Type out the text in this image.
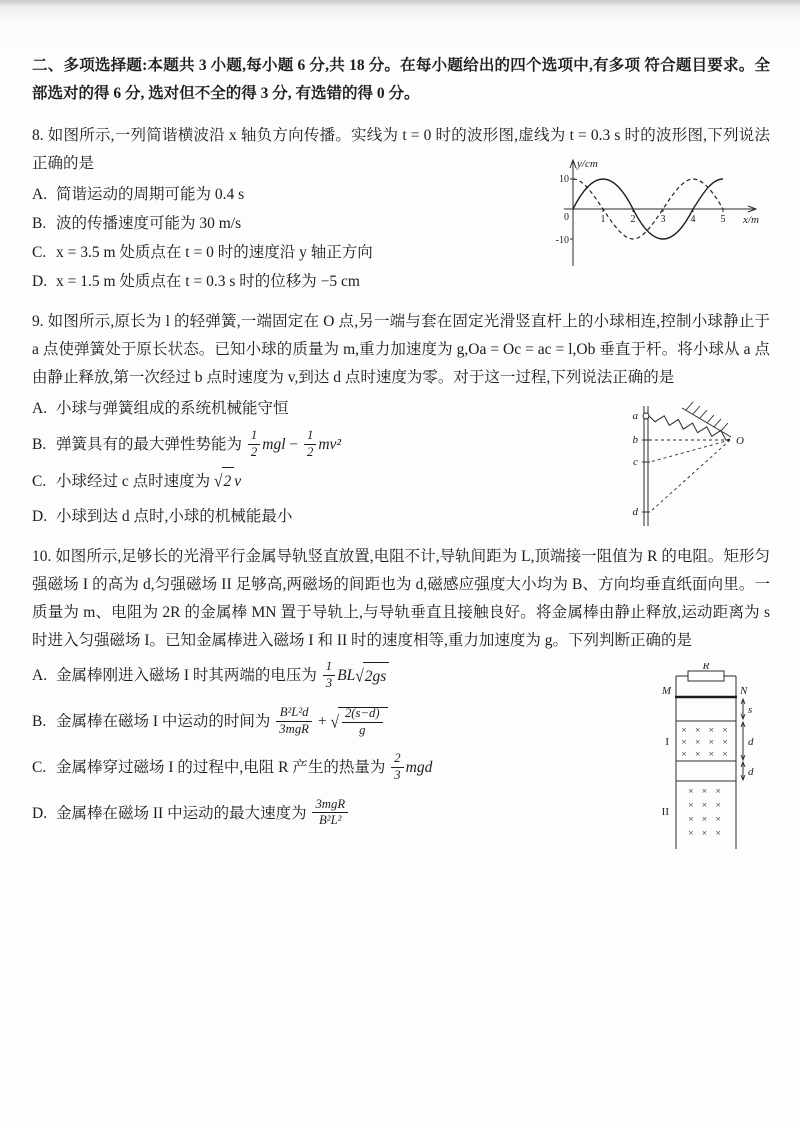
二、多项选择题:本题共 3 小题,每小题 6 分,共 18 分。在每小题给出的四个选项中,有多项 符合题目要求。全部选对的得 6 分, 选对但不全的得 3 分, 有选错的得 0 分。

y/cm
x/m
10
0
-10
1	2	3	4	5

8. 如图所示,一列简谐横波沿 x 轴负方向传播。实线为 t = 0 时的波形图,虚线为 t = 0.3 s 时的波形图,下列说法正确的是

A. 简谐运动的周期可能为 0.4 s
B. 波的传播速度可能为 30 m/s
C. x = 3.5 m 处质点在 t = 0 时的速度沿 y 轴正方向
D. x = 1.5 m 处质点在 t = 0.3 s 时的位移为 −5 cm
a
b
c
d
O

9. 如图所示,原长为 l 的轻弹簧,一端固定在 O 点,另一端与套在固定光滑竖直杆上的小球相连,控制小球静止于 a 点使弹簧处于原长状态。已知小球的质量为 m,重力加速度为 g,Oa = Oc = ac = l,Ob 垂直于杆。将小球从 a 点由静止释放,第一次经过 b 点时速度为 v,到达 d 点时速度为零。对于这一过程,下列说法正确的是

A. 小球与弹簧组成的系统机械能守恒
B. 弹簧具有的最大弹性势能为 $\frac{1}{2}$ mgl − $\frac{1}{2} mv^2$
C. 小球经过 c 点时速度为 √2 v
D. 小球到达 d 点时,小球的机械能最小
× × × ×
× × × ×
× × × ×
× × ×
× × ×
× × ×
× × ×
R
M	N
s
d
d
I
II

10. 如图所示,足够长的光滑平行金属导轨竖直放置,电阻不计,导轨间距为 L,顶端接一阻值为 R 的电阻。矩形匀强磁场 I 的高为 d,匀强磁场 II 足够高,两磁场的间距也为 d,磁感应强度大小均为 B、方向均垂直纸面向里。一质量为 m、电阻为 2R 的金属棒 MN 置于导轨上,与导轨垂直且接触良好。将金属棒由静止释放,运动距离为 s 时进入匀强磁场 I。已知金属棒进入磁场 I 和 II 时的速度相等,重力加速度为 g。下列判断正确的是

A. 金属棒刚进入磁场 I 时其两端的电压为 $\frac{1}{3} BL√2gs$
B. 金属棒在磁场 I 中运动的时间为 $\frac{\text{B²L²d}}{\text{3mgR}}$ + √ $\frac{2(s-d)}{g}$
C. 金属棒穿过磁场 I 的过程中,电阻 R 产生的热量为 $\frac{2}{3}$ mgd
D. 金属棒在磁场 II 中运动的最大速度为 $\frac{\text{3mgR}}{\text{B²L²}}$
